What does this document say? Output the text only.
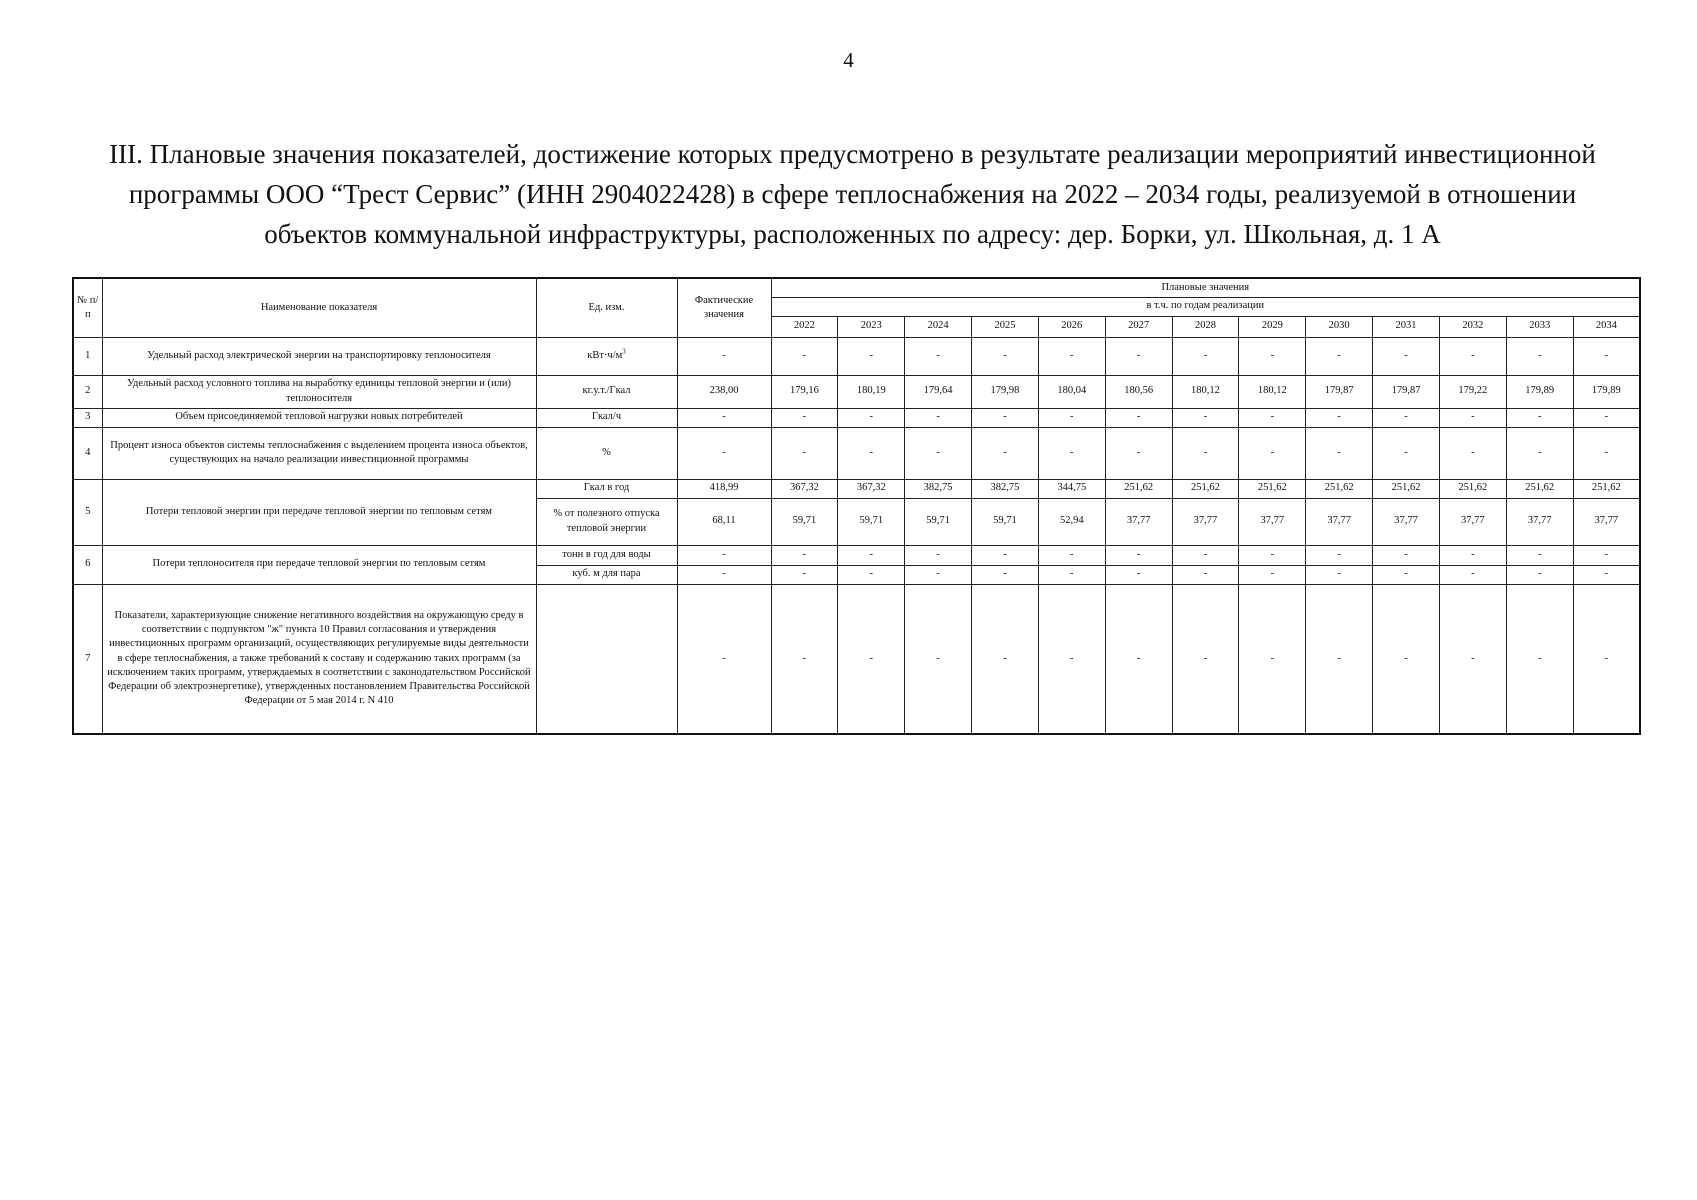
4
III. Плановые значения показателей, достижение которых предусмотрено в результате реализации мероприятий инвестиционной
программы ООО “Трест Сервис” (ИНН 2904022428) в сфере теплоснабжения на 2022 – 2034 годы, реализуемой в отношении
объектов коммунальной инфраструктуры, расположенных по адресу: дер. Борки, ул. Школьная, д. 1 А
№ п/п	Наименование показателя	Ед. изм.	Фактические значения	Плановые значения												
				в т.ч. по годам реализации												
				2022	2023	2024	2025	2026	2027	2028	2029	2030	2031	2032	2033	2034
1	Удельный расход электрической энергии на транспортировку теплоносителя	$кВт\cdot ч/м^3$	-	-	-	-	-	-	-	-	-	-	-	-	-	-
2	Удельный расход условного топлива на выработку единицы тепловой энергии и (или) теплоносителя	кг.у.т./Гкал	238,00	179,16	180,19	179,64	179,98	180,04	180,56	180,12	180,12	179,87	179,87	179,22	179,89	179,89
3	Объем присоединяемой тепловой нагрузки новых потребителей	Гкал/ч	-	-	-	-	-	-	-	-	-	-	-	-	-	-
4	Процент износа объектов системы теплоснабжения с выделением процента износа объектов, существующих на начало реализации инвестиционной программы	%	-	-	-	-	-	-	-	-	-	-	-	-	-	-
5	Потери тепловой энергии при передаче тепловой энергии по тепловым сетям	Гкал в год	418,99	367,32	367,32	382,75	382,75	344,75	251,62	251,62	251,62	251,62	251,62	251,62	251,62	251,62
		% от полезного отпуска тепловой энергии	68,11	59,71	59,71	59,71	59,71	52,94	37,77	37,77	37,77	37,77	37,77	37,77	37,77	37,77
6	Потери теплоносителя при передаче тепловой энергии по тепловым сетям	тонн в год для воды	-	-	-	-	-	-	-	-	-	-	-	-	-	-
		куб. м для пара	-	-	-	-	-	-	-	-	-	-	-	-	-	-
7	Показатели, характеризующие снижение негативного воздействия на окружающую среду в соответствии с подпунктом "ж" пункта 10 Правил согласования и утверждения инвестиционных программ организаций, осуществляющих регулируемые виды деятельности в сфере теплоснабжения, а также требований к составу и содержанию таких программ (за исключением таких программ, утверждаемых в соответствии с законодательством Российской Федерации об электроэнергетике), утвержденных постановлением Правительства Российской Федерации от 5 мая 2014 г. N 410		-	-	-	-	-	-	-	-	-	-	-	-	-	-
